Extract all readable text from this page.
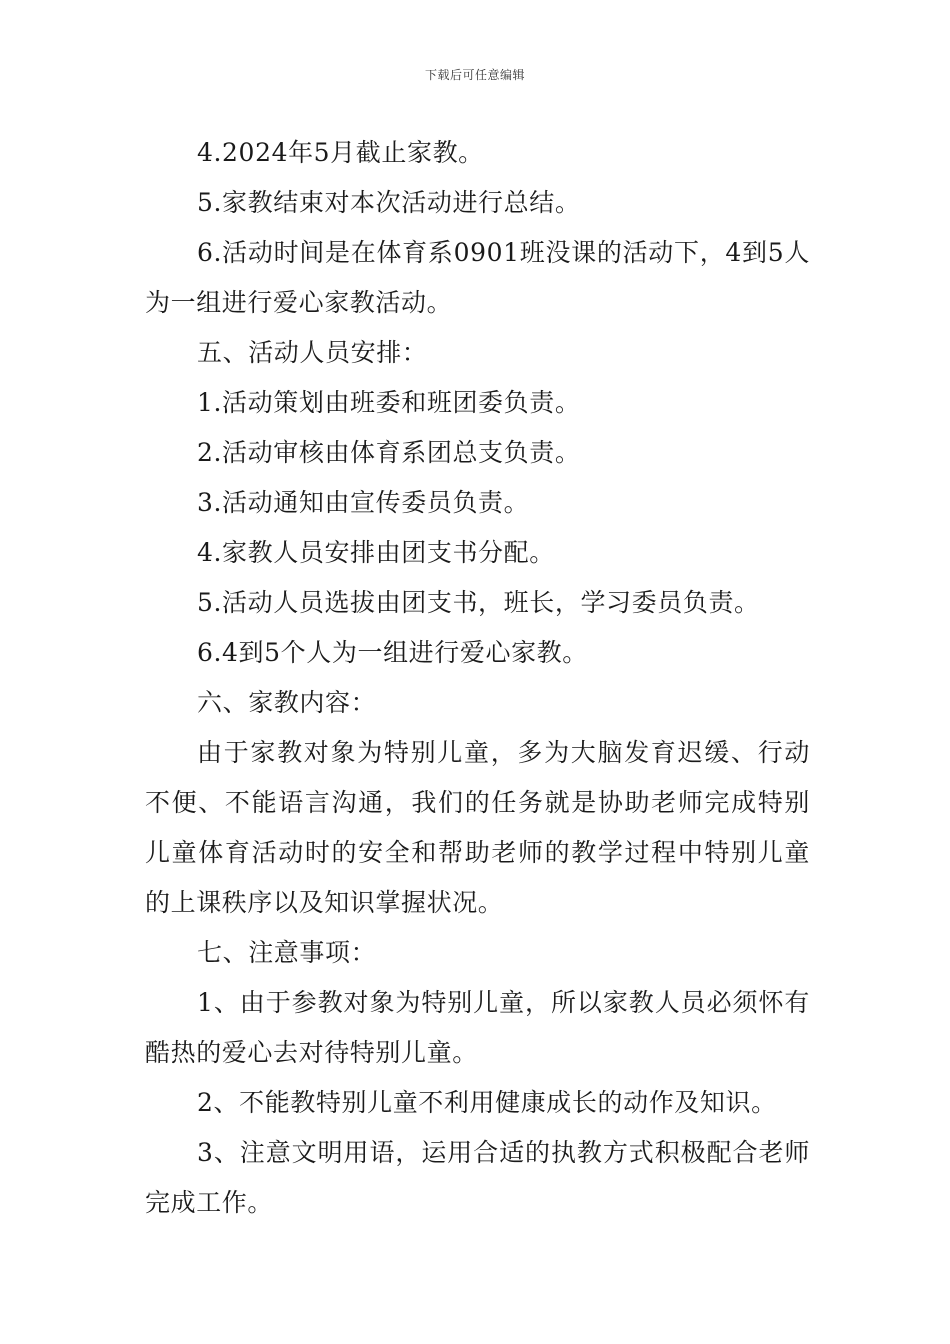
下载后可任意编辑

4.2024年5月截止家教。

5.家教结束对本次活动进行总结。

6.活动时间是在体育系0901班没课的活动下，4到5人为一组进行爱心家教活动。

五、活动人员安排：

1.活动策划由班委和班团委负责。

2.活动审核由体育系团总支负责。

3.活动通知由宣传委员负责。

4.家教人员安排由团支书分配。

5.活动人员选拔由团支书，班长，学习委员负责。

6.4到5个人为一组进行爱心家教。

六、家教内容：

由于家教对象为特别儿童，多为大脑发育迟缓、行动不便、不能语言沟通，我们的任务就是协助老师完成特别儿童体育活动时的安全和帮助老师的教学过程中特别儿童的上课秩序以及知识掌握状况。

七、注意事项：

1、由于参教对象为特别儿童，所以家教人员必须怀有酷热的爱心去对待特别儿童。

2、不能教特别儿童不利用健康成长的动作及知识。

3、注意文明用语，运用合适的执教方式积极配合老师完成工作。
